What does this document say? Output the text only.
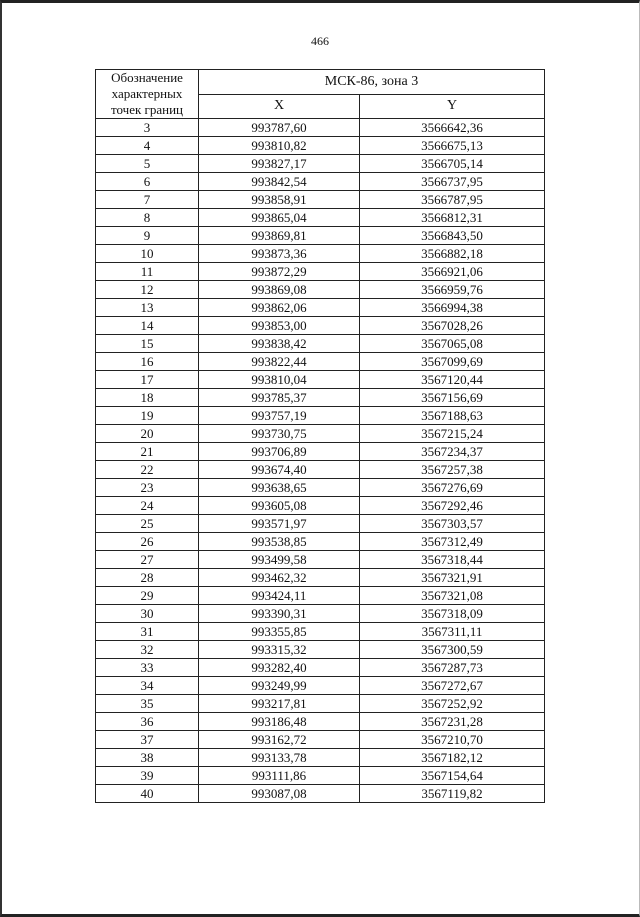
466
Обозначение характерных точек границ	МСК-86, зона 3	
	X	Y
3	993787,60	3566642,36
4	993810,82	3566675,13
5	993827,17	3566705,14
6	993842,54	3566737,95
7	993858,91	3566787,95
8	993865,04	3566812,31
9	993869,81	3566843,50
10	993873,36	3566882,18
11	993872,29	3566921,06
12	993869,08	3566959,76
13	993862,06	3566994,38
14	993853,00	3567028,26
15	993838,42	3567065,08
16	993822,44	3567099,69
17	993810,04	3567120,44
18	993785,37	3567156,69
19	993757,19	3567188,63
20	993730,75	3567215,24
21	993706,89	3567234,37
22	993674,40	3567257,38
23	993638,65	3567276,69
24	993605,08	3567292,46
25	993571,97	3567303,57
26	993538,85	3567312,49
27	993499,58	3567318,44
28	993462,32	3567321,91
29	993424,11	3567321,08
30	993390,31	3567318,09
31	993355,85	3567311,11
32	993315,32	3567300,59
33	993282,40	3567287,73
34	993249,99	3567272,67
35	993217,81	3567252,92
36	993186,48	3567231,28
37	993162,72	3567210,70
38	993133,78	3567182,12
39	993111,86	3567154,64
40	993087,08	3567119,82
